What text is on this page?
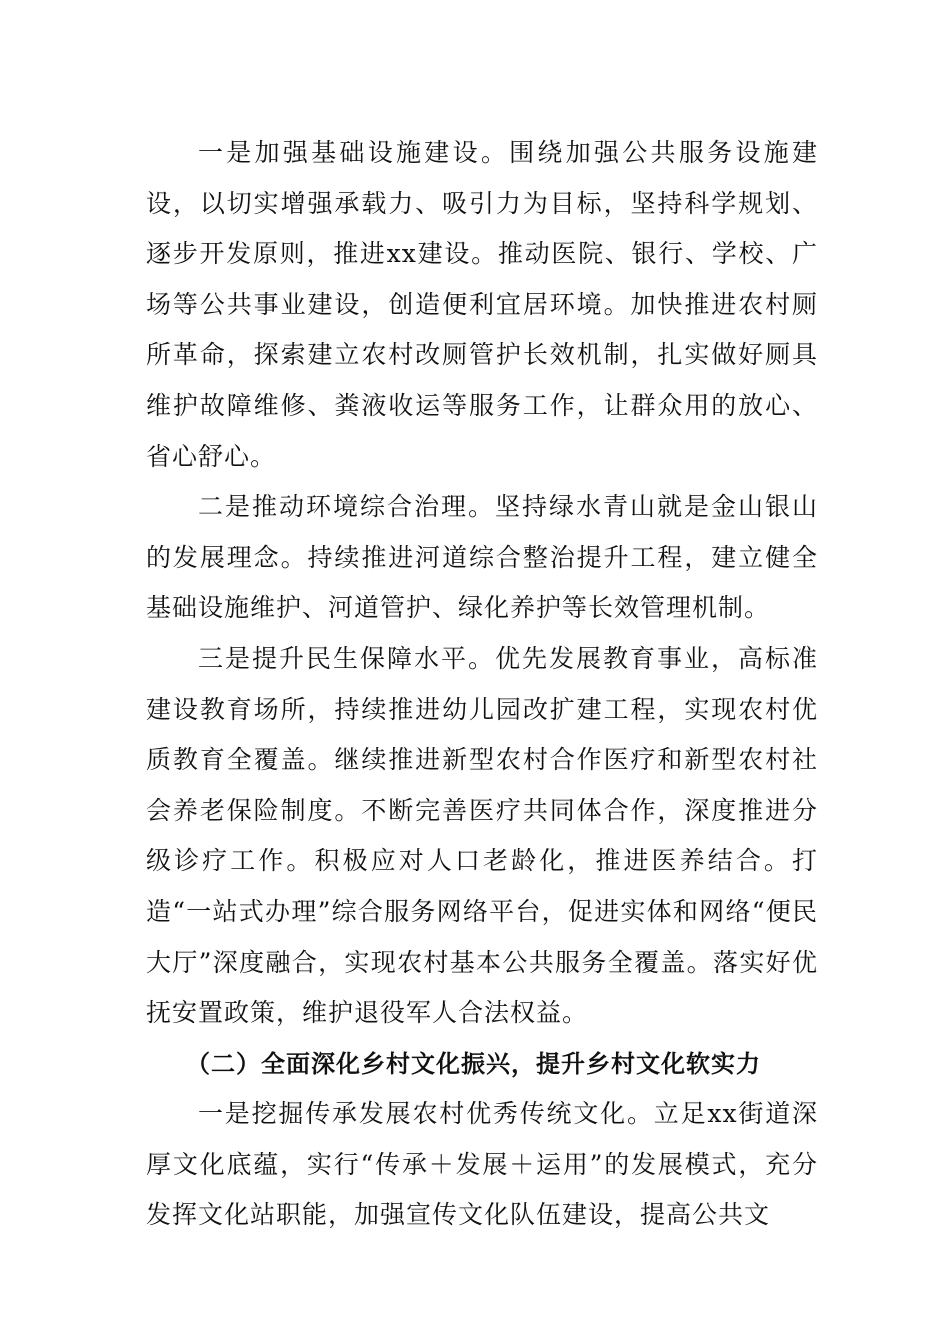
一是加强基础设施建设。围绕加强公共服务设施建设，以切实增强承载力、吸引力为目标，坚持科学规划、逐步开发原则，推进xx建设。推动医院、银行、学校、广场等公共事业建设，创造便利宜居环境。加快推进农村厕所革命，探索建立农村改厕管护长效机制，扎实做好厕具维护故障维修、粪液收运等服务工作，让群众用的放心、省心舒心。

二是推动环境综合治理。坚持绿水青山就是金山银山的发展理念。持续推进河道综合整治提升工程，建立健全基础设施维护、河道管护、绿化养护等长效管理机制。

三是提升民生保障水平。优先发展教育事业，高标准建设教育场所，持续推进幼儿园改扩建工程，实现农村优质教育全覆盖。继续推进新型农村合作医疗和新型农村社会养老保险制度。不断完善医疗共同体合作，深度推进分级诊疗工作。积极应对人口老龄化，推进医养结合。打造“一站式办理”综合服务网络平台，促进实体和网络“便民大厅”深度融合，实现农村基本公共服务全覆盖。落实好优抚安置政策，维护退役军人合法权益。

（二）全面深化乡村文化振兴，提升乡村文化软实力

一是挖掘传承发展农村优秀传统文化。立足xx街道深厚文化底蕴，实行“传承＋发展＋运用”的发展模式，充分发挥文化站职能，加强宣传文化队伍建设，提高公共文
